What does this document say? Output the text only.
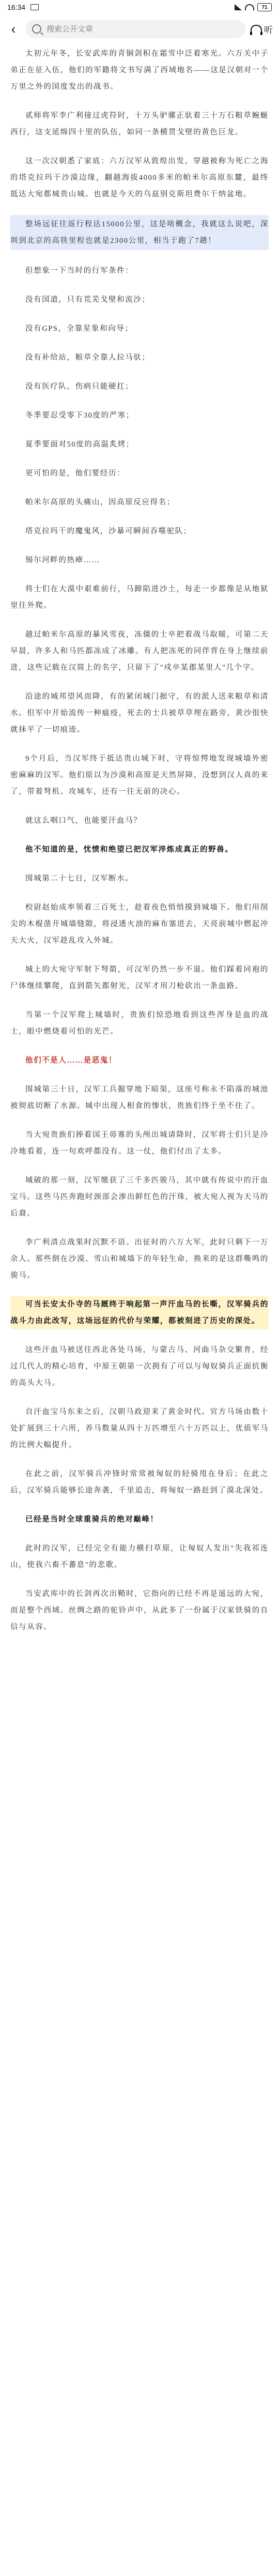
16:34	71
‹
搜索公开文章	听

太初元年冬，长安武库的青铜剑积在霜雪中泛着寒光。六万关中子弟正在征入伍，他们的军籍将文书写满了西域地名——这是汉朝对一个万里之外的国度发出的战书。

贰师将军李广利接过虎符时，十万头驴骡正驮着三十万石粮草蜿蜒西行，这支延绵四十里的队伍，如同一条横贯戈壁的黄色巨龙。

这一次汉朝悉了家底：六万汉军从敦煌出发，穿越被称为死亡之海的塔克拉玛干沙漠边缘，翻越海拔4000多米的帕米尔高原东麓，最终抵达大宛都城贵山城。也就是今天的乌兹别克斯坦费尔干纳盆地。

整场远征往返行程达15000公里，这是啥概念，我就这么说吧，深圳到北京的高铁里程也就是2300公里，相当于跑了7趟！

但想象一下当时的行军条件：

没有国道，只有荒芜戈壁和流沙；

没有GPS，全靠星象和向导；

没有补给站，粮草全靠人拉马驮；

没有医疗队，伤病只能硬扛；

冬季要忍受零下30度的严寒；

夏季要面对50度的高温炙烤；

更可怕的是，他们要经历：

帕米尔高原的头痛山，因高原反应得名；

塔克拉玛干的魔鬼风，沙暴可瞬间吞噬驼队；

锡尔河畔的热瘴……

将士们在大漠中艰难前行，马蹄陷进沙土，每走一步都像是从地狱里往外爬。

越过帕米尔高原的暴风雪夜，冻僵的士卒把着战马取暖，可第二天早晨，许多人和马匹都冻成了冰雕。有人把冻死的同伴背在身上继续前进，这些记载在汉简上的名字，只留下了"戍卒某郡某里人"几个字。

沿途的城邦望风而降，有的紧闭城门据守，有的派人送来粮草和清水。但军中开始流传一种瘟疫，死去的士兵被草草埋在路旁，黄沙很快就抹平了一切痕迹。

9个月后，当汉军终于抵达贵山城下时，守将惊愕地发现城墙外密密麻麻的汉军。他们原以为沙漠和高原是天然屏障，没想到汉人真的来了，带着弩机、攻城车，还有一往无前的决心。

就这么咽口气，也能要汗血马？

他不知道的是，忧愤和绝望已把汉军淬炼成真正的野兽。

围城第二十七日，汉军断水。

校尉赵始成率领着三百死士，趁着夜色悄悄摸到城墙下。他们用削尖的木棍凿开城墙缝隙，将浸透火油的麻布塞进去，天亮前城中燃起冲天大火，汉军趁乱攻入外城。

城上的大宛守军射下弩箭，可汉军仍然一步不退。他们踩着同袍的尸体继续攀爬，直到箭矢都射光，汉军才用刀枪砍出一条血路。

当第一个汉军爬上城墙时，贵族们惊恐地看到这些浑身是血的战士，眼中燃烧着可怕的光芒。

他们不是人……是恶鬼！

围城第三十日，汉军工兵掘穿地下暗渠，这座号称永不陷落的城池被彻底切断了水源。城中出现人相食的惨状，贵族们终于坐不住了。

当大宛贵族们捧着国王毋寡的头颅出城请降时，汉军将士们只是冷冷地看着，连一句欢呼都没有。这一仗，他们付出了太多。

城破的那一刻，汉军缴获了三千多匹骏马，其中就有传说中的汗血宝马。这些马匹奔跑时颈部会渗出鲜红色的汗珠，被大宛人视为天马的后裔。

李广利清点战果时沉默不语。出征时的六万大军，此时只剩下一万余人。那些倒在沙漠、雪山和城墙下的年轻生命，换来的是这群嘶鸣的骏马。

可当长安太仆寺的马厩终于响起第一声汗血马的长嘶，汉军骑兵的战斗力由此改写，这场远征的代价与荣耀，都被刻进了历史的深处。

这些汗血马被送往西北各处马场，与蒙古马、河曲马杂交繁育，经过几代人的精心培育，中原王朝第一次拥有了可以与匈奴骑兵正面抗衡的高头大马。

自汗血宝马东来之后，汉朝马政迎来了黄金时代。官方马场由数十处扩展到三十六所，养马数量从四十万匹增至六十万匹以上，优质军马的比例大幅提升。

在此之前，汉军骑兵冲锋时常常被匈奴的轻骑甩在身后；在此之后，汉军骑兵能够长途奔袭，千里追击，将匈奴一路赶到了漠北深处。

已经是当时全球重骑兵的绝对巅峰！

此时的汉军，已经完全有能力横扫草原，让匈奴人发出"失我祁连山，使我六畜不蕃息"的悲歌。

当安武库中的长剑再次出鞘时，它指向的已经不再是遥远的大宛，而是整个西域。丝绸之路的驼铃声中，从此多了一份属于汉家铁骑的自信与从容。
